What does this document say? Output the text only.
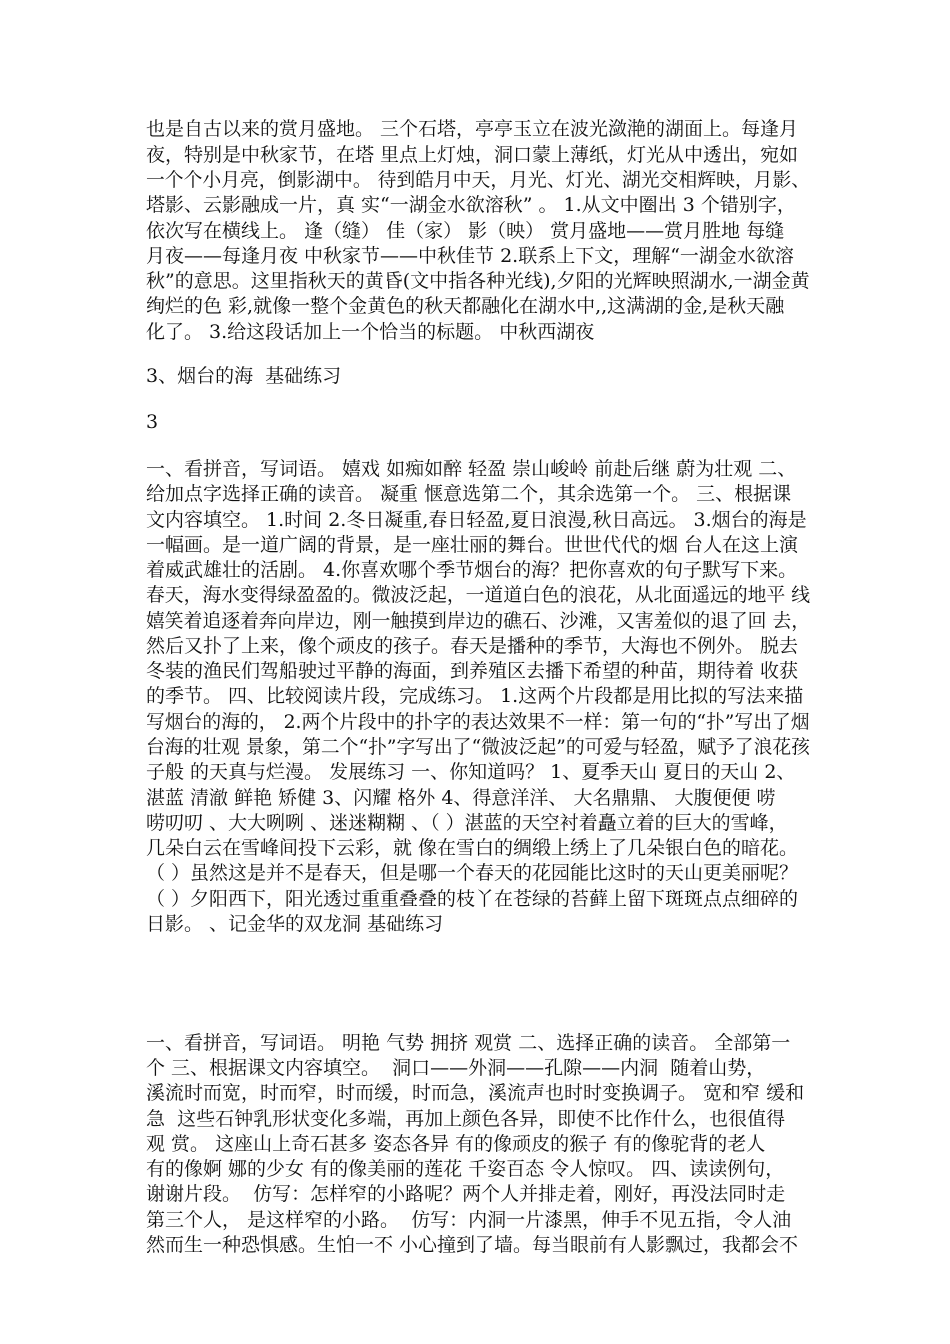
也是自古以来的赏月盛地。 三个石塔，亭亭玉立在波光潋滟的湖面上。每逢月
夜，特别是中秋家节，在塔 里点上灯烛，洞口蒙上薄纸，灯光从中透出，宛如
一个个小月亮，倒影湖中。 待到皓月中天，月光、灯光、湖光交相辉映，月影、
塔影、云影融成一片，真 实“一湖金水欲溶秋” 。 1.从文中圈出 3 个错别字，
依次写在横线上。 逢（缝） 佳（家） 影（映） 赏月盛地——赏月胜地 每缝
月夜——每逢月夜 中秋家节——中秋佳节 2.联系上下文，理解“一湖金水欲溶
秋”的意思。这里指秋天的黄昏(文中指各种光线),夕阳的光辉映照湖水,一湖金黄
绚烂的色 彩,就像一整个金黄色的秋天都融化在湖水中,,这满湖的金,是秋天融
化了。 3.给这段话加上一个恰当的标题。 中秋西湖夜
3、烟台的海  基础练习
3
一、看拼音，写词语。 嬉戏 如痴如醉 轻盈 崇山峻岭 前赴后继 蔚为壮观 二、
给加点字选择正确的读音。 凝重 惬意选第二个，其余选第一个。 三、根据课
文内容填空。 1.时间 2.冬日凝重,春日轻盈,夏日浪漫,秋日高远。 3.烟台的海是
一幅画。是一道广阔的背景，是一座壮丽的舞台。世世代代的烟 台人在这上演
着威武雄壮的活剧。 4.你喜欢哪个季节烟台的海？把你喜欢的句子默写下来。
春天，海水变得绿盈盈的。微波泛起，一道道白色的浪花，从北面遥远的地平 线
嬉笑着追逐着奔向岸边，刚一触摸到岸边的礁石、沙滩，又害羞似的退了回 去，
然后又扑了上来，像个顽皮的孩子。春天是播种的季节，大海也不例外。 脱去
冬装的渔民们驾船驶过平静的海面，到养殖区去播下希望的种苗，期待着 收获
的季节。 四、比较阅读片段，完成练习。 1.这两个片段都是用比拟的写法来描
写烟台的海的， 2.两个片段中的扑字的表达效果不一样：第一句的“扑”写出了烟
台海的壮观 景象，第二个“扑”字写出了“微波泛起”的可爱与轻盈，赋予了浪花孩
子般 的天真与烂漫。 发展练习 一、你知道吗？ 1、夏季天山 夏日的天山 2、
湛蓝 清澈 鲜艳 矫健 3、闪耀 格外 4、得意洋洋、 大名鼎鼎、 大腹便便 唠
唠叨叨 、大大咧咧 、迷迷糊糊 、（ ）湛蓝的天空衬着矗立着的巨大的雪峰，
几朵白云在雪峰间投下云彩，就 像在雪白的绸缎上绣上了几朵银白色的暗花。
（ ）虽然这是并不是春天，但是哪一个春天的花园能比这时的天山更美丽呢？
（ ）夕阳西下，阳光透过重重叠叠的枝丫在苍绿的苔藓上留下斑斑点点细碎的
日影。 、记金华的双龙洞 基础练习
一、看拼音，写词语。 明艳 气势 拥挤 观赏 二、选择正确的读音。 全部第一
个 三、根据课文内容填空。  洞口——外洞——孔隙——内洞  随着山势，
溪流时而宽，时而窄，时而缓，时而急，溪流声也时时变换调子。 宽和窄 缓和
急  这些石钟乳形状变化多端，再加上颜色各异，即使不比作什么，也很值得
观 赏。 这座山上奇石甚多 姿态各异 有的像顽皮的猴子 有的像驼背的老人
有的像婀 娜的少女 有的像美丽的莲花 千姿百态 令人惊叹。 四、读读例句，
谢谢片段。  仿写：怎样窄的小路呢？两个人并排走着，刚好，再没法同时走
第三个人， 是这样窄的小路。  仿写：内洞一片漆黑，伸手不见五指，令人油
然而生一种恐惧感。生怕一不 小心撞到了墙。每当眼前有人影飘过，我都会不
